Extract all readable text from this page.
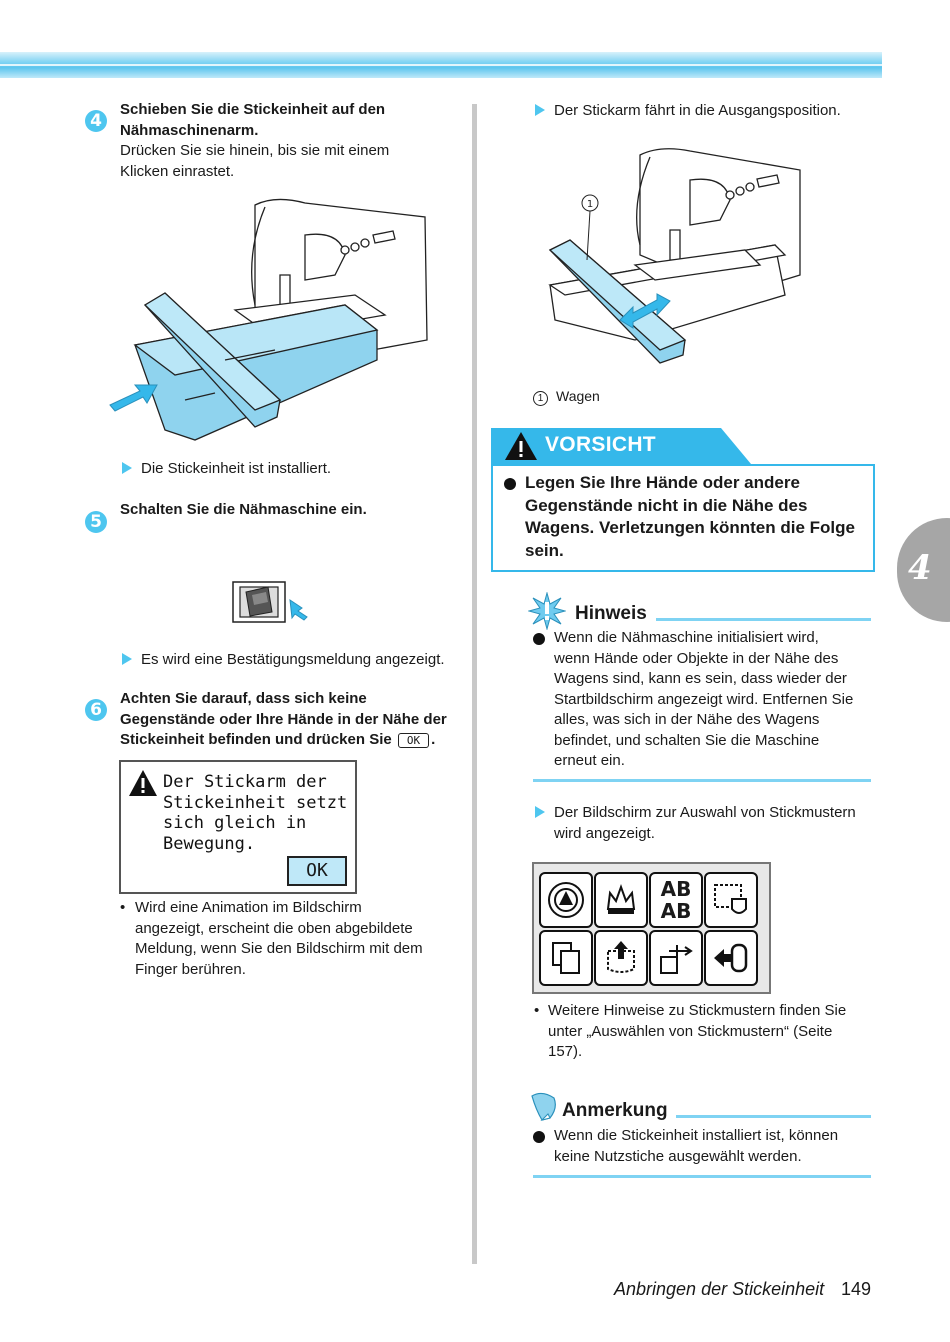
4
Schieben Sie die Stickeinheit auf den
Nähmaschinenarm.
Drücken Sie sie hinein, bis sie mit einem
Klicken einrastet.
Die Stickeinheit ist installiert.
5
Schalten Sie die Nähmaschine ein.
Es wird eine Bestätigungsmeldung angezeigt.
6
Achten Sie darauf, dass sich keine
Gegenstände oder Ihre Hände in der Nähe der
Stickeinheit befinden und drücken Sie OK .
Der Stickarm der
Stickeinheit setzt
sich gleich in
Bewegung.
OK
• Wird eine Animation im Bildschirm
angezeigt, erscheint die oben abgebildete
Meldung, wenn Sie den Bildschirm mit dem
Finger berühren.
Der Stickarm fährt in die Ausgangsposition.
1
1 Wagen
VORSICHT
Legen Sie Ihre Hände oder andere
Gegenstände nicht in die Nähe des
Wagens. Verletzungen könnten die Folge
sein.
Hinweis
Wenn die Nähmaschine initialisiert wird,
wenn Hände oder Objekte in der Nähe des
Wagens sind, kann es sein, dass wieder der
Startbildschirm angezeigt wird. Entfernen Sie
alles, was sich in der Nähe des Wagens
befindet, und schalten Sie die Maschine
erneut ein.
Der Bildschirm zur Auswahl von Stickmustern
wird angezeigt.
AB
AB
• Weitere Hinweise zu Stickmustern finden Sie
unter „Auswählen von Stickmustern“ (Seite
157).
Anmerkung
Wenn die Stickeinheit installiert ist, können
keine Nutzstiche ausgewählt werden.
4
Anbringen der Stickeinheit 149
